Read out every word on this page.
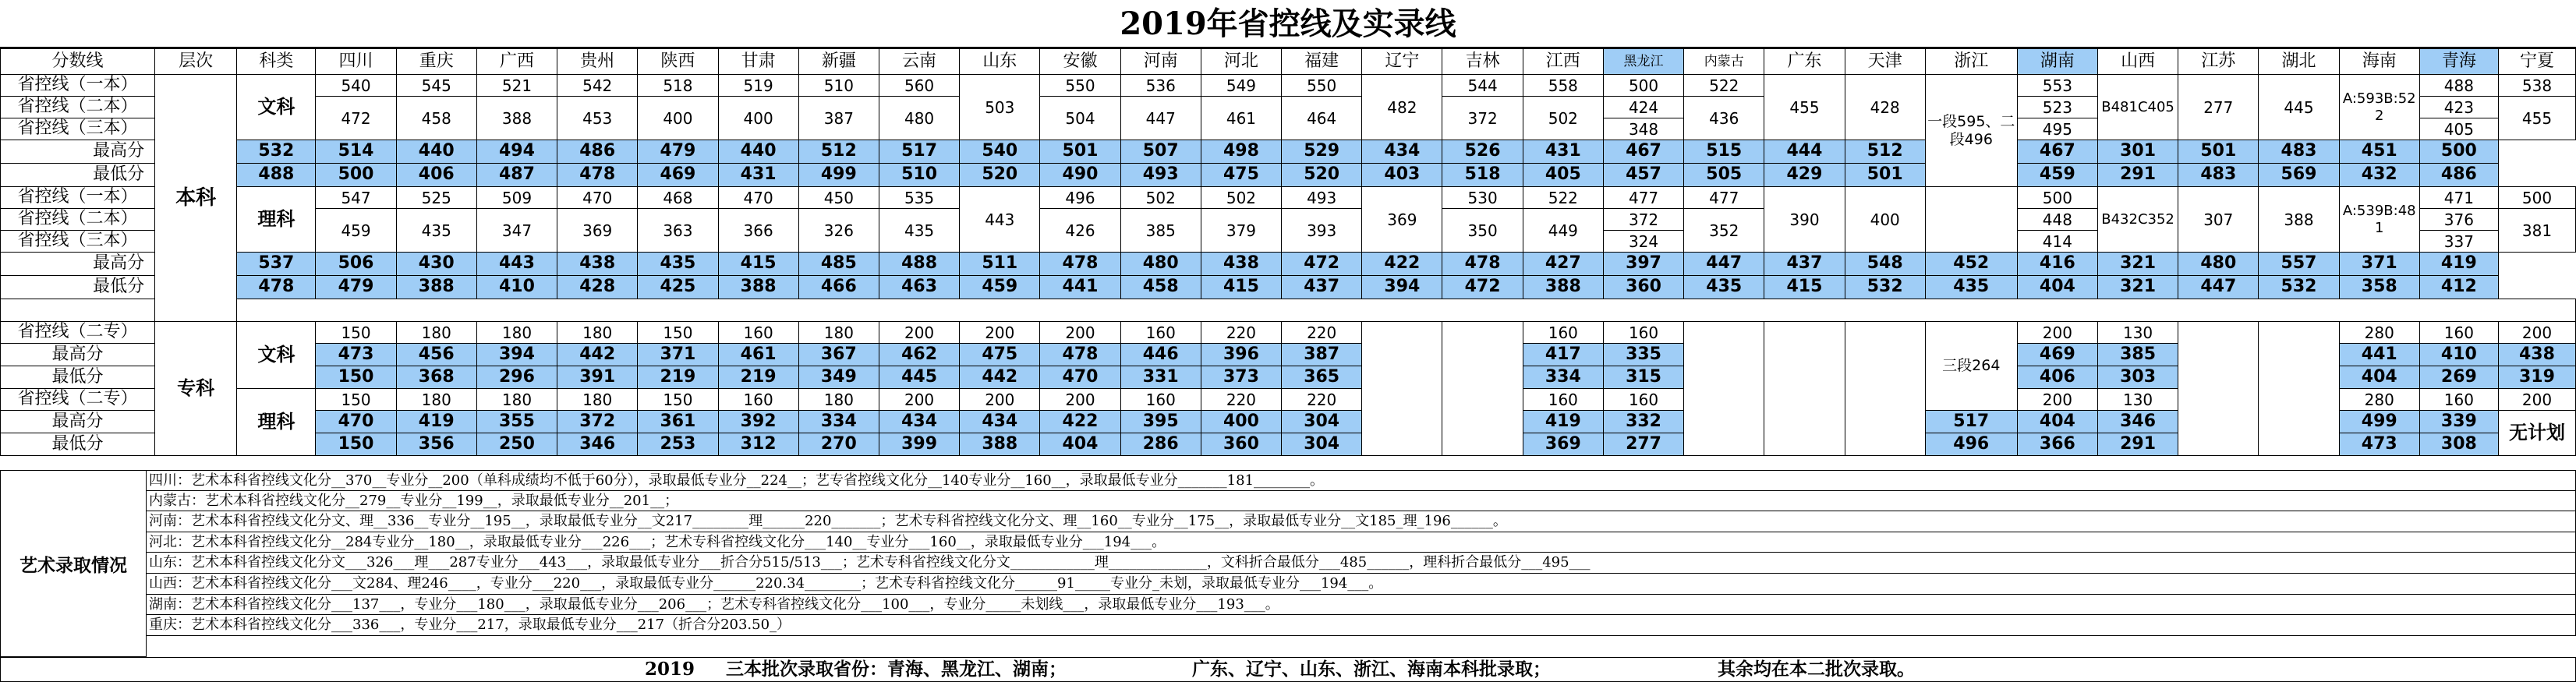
2019年省控线及实录线
分数线	层次	科类	四川	重庆	广西	贵州	陕西	甘肃	新疆	云南	山东	安徽	河南	河北	福建	辽宁	吉林	江西	黑龙江	内蒙古	广东	天津	浙江	湖南	山西	江苏	湖北	海南	青海	宁夏
省控线（一本）	本科	文科	540	545	521	542	518	519	510	560	503	550	536	549	550	482	544	558	500	522	455	428	一段595、二段496	553	B481C405	277	445	A:593B:522	488	538
省控线（二本）			472	458	388	453	400	400	387	480		504	447	461	464		372	502	424	436				523					423	455
省控线（三本）																			348					495					405	
最高分		532	514	440	494	486	479	440	512	517	540	501	507	498	529	434	526	431	467	515	444	512		467	301	501	483	451	500	
最低分		488	500	406	487	478	469	431	499	510	520	490	493	475	520	403	518	405	457	505	429	501		459	291	483	569	432	486	
省控线（一本）		理科	547	525	509	470	468	470	450	535	443	496	502	502	493	369	530	522	477	477	390	400		500	B432C352	307	388	A:539B:481	471	500
省控线（二本）			459	435	347	369	363	366	326	435		426	385	379	393		350	449	372	352				448					376	381
省控线（三本）																			324					414					337	
最高分		537	506	430	443	438	435	415	485	488	511	478	480	438	472	422	478	427	397	447	437	548	452	416	321	480	557	371	419	
最低分		478	479	388	410	428	425	388	466	463	459	441	458	415	437	394	472	388	360	435	415	532	435	404	321	447	532	358	412	

省控线（二专）	专科	文科	150	180	180	180	150	160	180	200	200	200	160	220	220			160	160				三段264	200	130			280	160	200
最高分			473	456	394	442	371	461	367	462	475	478	446	396	387			417	335					469	385			441	410	438
最低分			150	368	296	391	219	219	349	445	442	470	331	373	365			334	315					406	303			404	269	319
省控线（二专）		理科	150	180	180	180	150	160	180	200	200	200	160	220	220			160	160					200	130			280	160	200
最高分			470	419	355	372	361	392	334	434	434	422	395	400	304			419	332				517	404	346			499	339	无计划
最低分			150	356	250	346	253	312	270	399	388	404	286	360	304			369	277				496	366	291			473	308	
艺术录取情况
四川：艺术本科省控线文化分__370__专业分__200（单科成绩均不低于60分），录取最低专业分__224__；艺专省控线文化分__140专业分__160__，录取最低专业分_______181________。
内蒙古：艺术本科省控线文化分__279__专业分__199__，录取最低专业分__201__；
河南：艺术本科省控线文化分文、理__336__专业分__195__，录取最低专业分__文217________理______220_______；艺术专科省控线文化分文、理__160__专业分__175__，录取最低专业分__文185_理_196______。
河北：艺术本科省控线文化分__284专业分__180__，录取最低专业分___226___；艺术专科省控线文化分___140__专业分___160__，录取最低专业分___194___。
山东：艺术本科省控线文化分文___326___理___287专业分___443___，录取最低专业分___折合分515/513___；艺术专科省控线文化分文____________理______________，文科折合最低分___485______，理科折合最低分___495___
山西：艺术本科省控线文化分___文284、理246____，专业分___220___，录取最低专业分______220.34________；艺术专科省控线文化分______91_____专业分_未划，录取最低专业分___194___。
湖南：艺术本科省控线文化分___137___，专业分___180___，录取最低专业分___206___；艺术专科省控线文化分___100___，专业分_____未划线___，录取最低专业分___193___。
重庆：艺术本科省控线文化分___336___，专业分___217，录取最低专业分___217（折合分203.50_）
2019 三本批次录取省份：青海、黑龙江、湖南；	广东、辽宁、山东、浙江、海南本科批录取；	其余均在本二批次录取。
